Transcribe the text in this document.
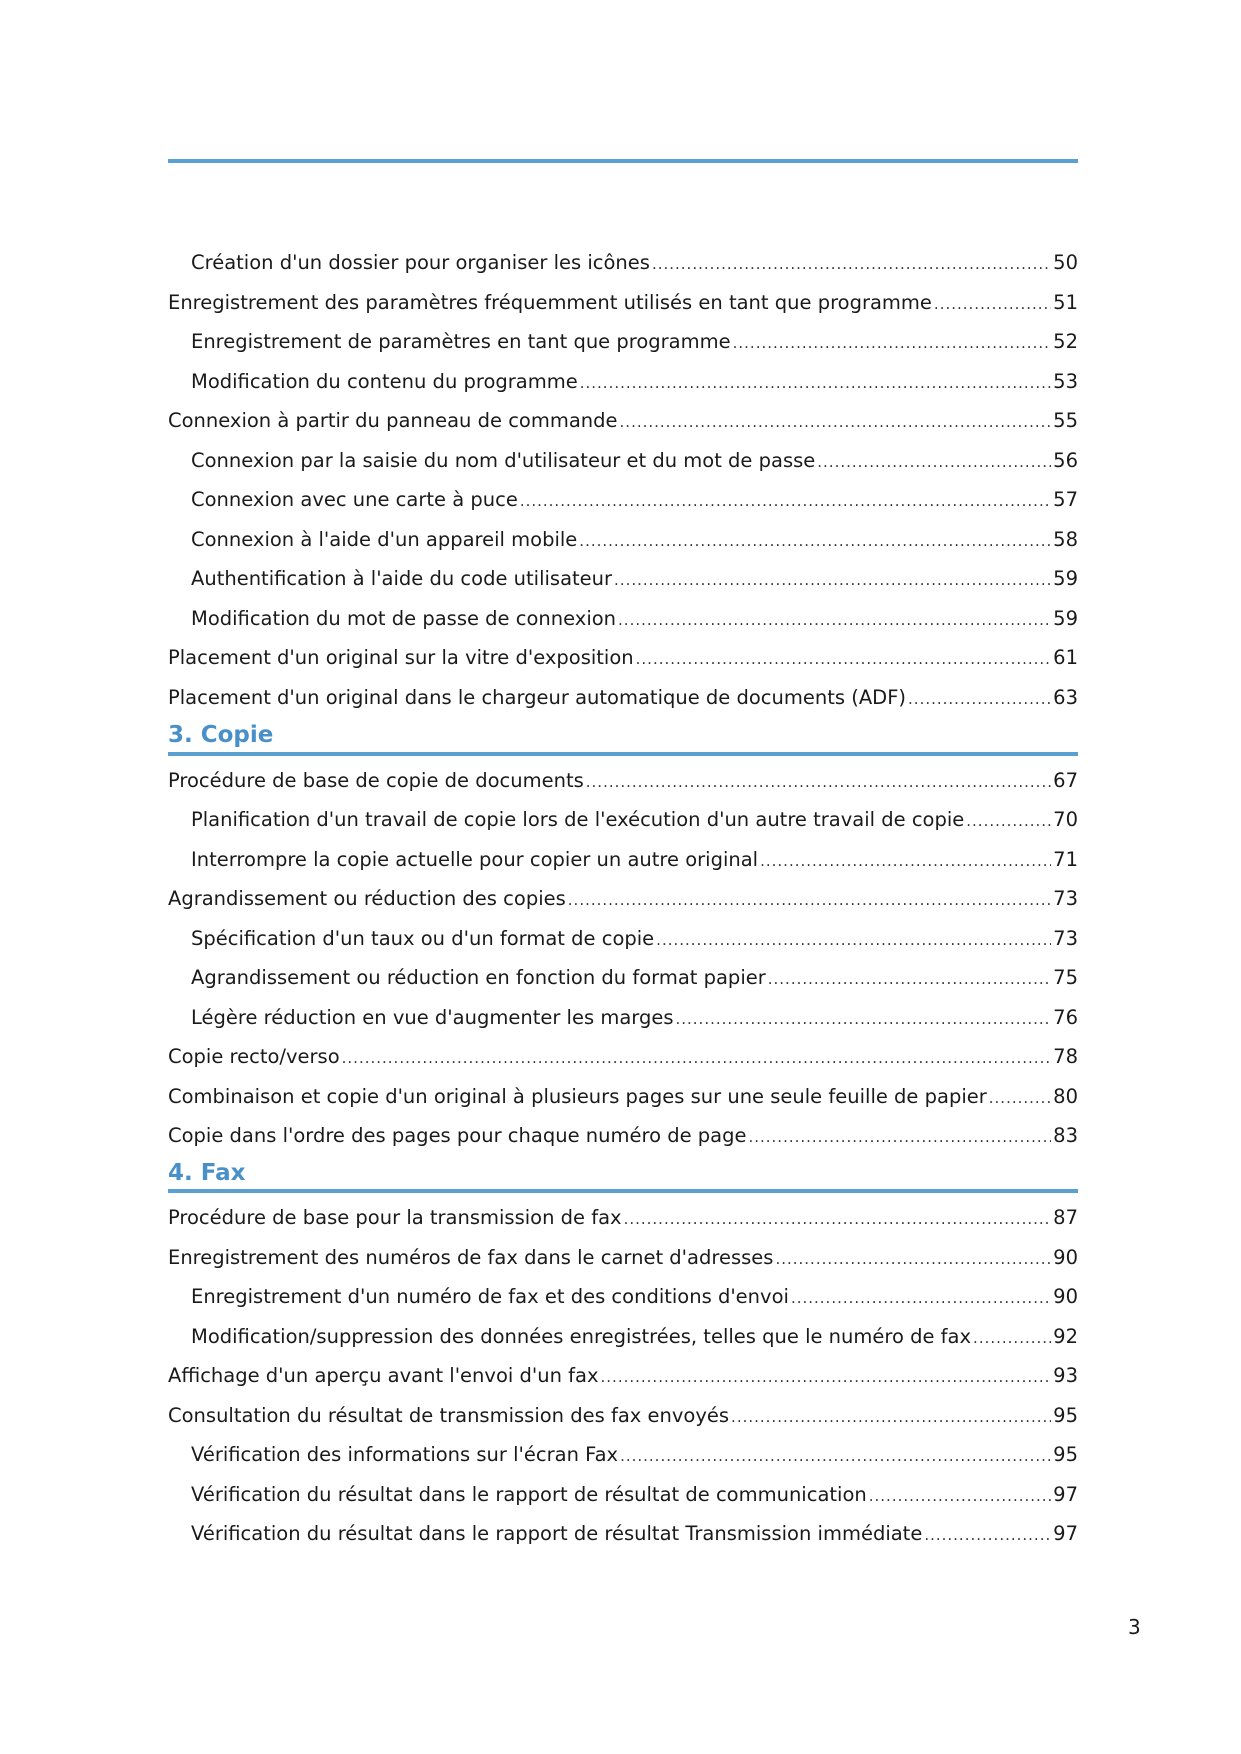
Création d'un dossier pour organiser les icônes .....	50
Enregistrement des paramètres fréquemment utilisés en tant que programme .....	51
Enregistrement de paramètres en tant que programme .....	52
Modification du contenu du programme .....	53
Connexion à partir du panneau de commande .....	55
Connexion par la saisie du nom d'utilisateur et du mot de passe .....	56
Connexion avec une carte à puce .....	57
Connexion à l'aide d'un appareil mobile .....	58
Authentification à l'aide du code utilisateur .....	59
Modification du mot de passe de connexion .....	59
Placement d'un original sur la vitre d'exposition .....	61
Placement d'un original dans le chargeur automatique de documents (ADF) .....	63
3. Copie
Procédure de base de copie de documents .....	67
Planification d'un travail de copie lors de l'exécution d'un autre travail de copie .....	70
Interrompre la copie actuelle pour copier un autre original .....	71
Agrandissement ou réduction des copies .....	73
Spécification d'un taux ou d'un format de copie .....	73
Agrandissement ou réduction en fonction du format papier .....	75
Légère réduction en vue d'augmenter les marges .....	76
Copie recto/verso .....	78
Combinaison et copie d'un original à plusieurs pages sur une seule feuille de papier .....	80
Copie dans l'ordre des pages pour chaque numéro de page .....	83
4. Fax
Procédure de base pour la transmission de fax .....	87
Enregistrement des numéros de fax dans le carnet d'adresses .....	90
Enregistrement d'un numéro de fax et des conditions d'envoi .....	90
Modification/suppression des données enregistrées, telles que le numéro de fax .....	92
Affichage d'un aperçu avant l'envoi d'un fax .....	93
Consultation du résultat de transmission des fax envoyés .....	95
Vérification des informations sur l'écran Fax .....	95
Vérification du résultat dans le rapport de résultat de communication .....	97
Vérification du résultat dans le rapport de résultat Transmission immédiate .....	97
3
